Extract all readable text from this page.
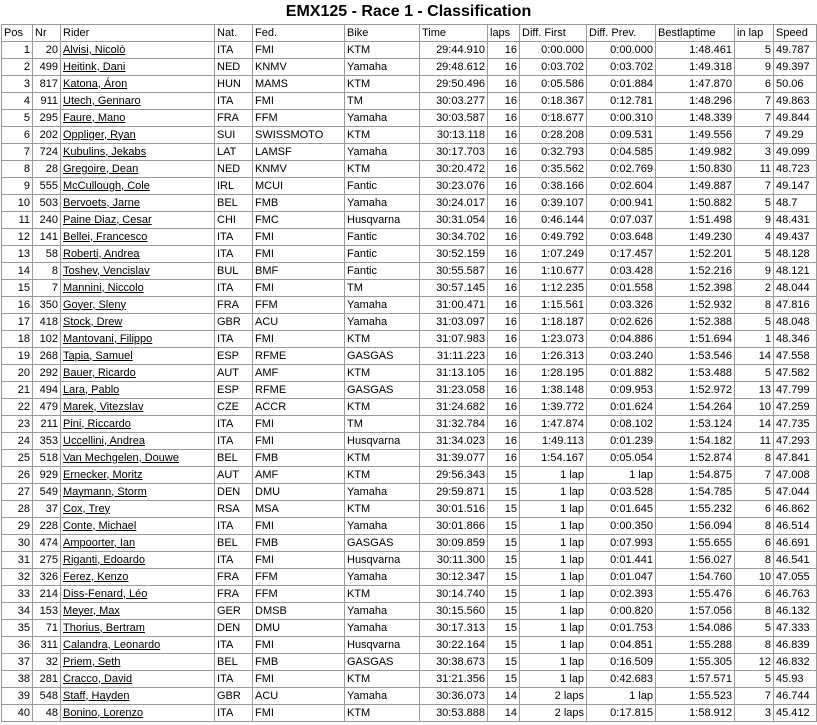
EMX125 - Race 1 - Classification
Pos	Nr	Rider	Nat.	Fed.	Bike	Time	laps	Diff. First	Diff. Prev.	Bestlaptime	in lap	Speed
1	20	Alvisi, Nicolò	ITA	FMI	KTM	29:44.910	16	0:00.000	0:00.000	1:48.461	5	49.787
2	499	Heitink, Dani	NED	KNMV	Yamaha	29:48.612	16	0:03.702	0:03.702	1:49.318	9	49.397
3	817	Katona, Áron	HUN	MAMS	KTM	29:50.496	16	0:05.586	0:01.884	1:47.870	6	50.06
4	911	Utech, Gennaro	ITA	FMI	TM	30:03.277	16	0:18.367	0:12.781	1:48.296	7	49.863
5	295	Faure, Mano	FRA	FFM	Yamaha	30:03.587	16	0:18.677	0:00.310	1:48.339	7	49.844
6	202	Oppliger, Ryan	SUI	SWISSMOTO	KTM	30:13.118	16	0:28.208	0:09.531	1:49.556	7	49.29
7	724	Kubulins, Jekabs	LAT	LAMSF	Yamaha	30:17.703	16	0:32.793	0:04.585	1:49.982	3	49.099
8	28	Gregoire, Dean	NED	KNMV	KTM	30:20.472	16	0:35.562	0:02.769	1:50.830	11	48.723
9	555	McCullough, Cole	IRL	MCUI	Fantic	30:23.076	16	0:38.166	0:02.604	1:49.887	7	49.147
10	503	Bervoets, Jarne	BEL	FMB	Yamaha	30:24.017	16	0:39.107	0:00.941	1:50.882	5	48.7
11	240	Paine Diaz, Cesar	CHI	FMC	Husqvarna	30:31.054	16	0:46.144	0:07.037	1:51.498	9	48.431
12	141	Bellei, Francesco	ITA	FMI	Fantic	30:34.702	16	0:49.792	0:03.648	1:49.230	4	49.437
13	58	Roberti, Andrea	ITA	FMI	Fantic	30:52.159	16	1:07.249	0:17.457	1:52.201	5	48.128
14	8	Toshev, Vencislav	BUL	BMF	Fantic	30:55.587	16	1:10.677	0:03.428	1:52.216	9	48.121
15	7	Mannini, Niccolo	ITA	FMI	TM	30:57.145	16	1:12.235	0:01.558	1:52.398	2	48.044
16	350	Goyer, Sleny	FRA	FFM	Yamaha	31:00.471	16	1:15.561	0:03.326	1:52.932	8	47.816
17	418	Stock, Drew	GBR	ACU	Yamaha	31:03.097	16	1:18.187	0:02.626	1:52.388	5	48.048
18	102	Mantovani, Filippo	ITA	FMI	KTM	31:07.983	16	1:23.073	0:04.886	1:51.694	1	48.346
19	268	Tapia, Samuel	ESP	RFME	GASGAS	31:11.223	16	1:26.313	0:03.240	1:53.546	14	47.558
20	292	Bauer, Ricardo	AUT	AMF	KTM	31:13.105	16	1:28.195	0:01.882	1:53.488	5	47.582
21	494	Lara, Pablo	ESP	RFME	GASGAS	31:23.058	16	1:38.148	0:09.953	1:52.972	13	47.799
22	479	Marek, Vitezslav	CZE	ACCR	KTM	31:24.682	16	1:39.772	0:01.624	1:54.264	10	47.259
23	211	Pini, Riccardo	ITA	FMI	TM	31:32.784	16	1:47.874	0:08.102	1:53.124	14	47.735
24	353	Uccellini, Andrea	ITA	FMI	Husqvarna	31:34.023	16	1:49.113	0:01.239	1:54.182	11	47.293
25	518	Van Mechgelen, Douwe	BEL	FMB	KTM	31:39.077	16	1:54.167	0:05.054	1:52.874	8	47.841
26	929	Ernecker, Moritz	AUT	AMF	KTM	29:56.343	15	1 lap	1 lap	1:54.875	7	47.008
27	549	Maymann, Storm	DEN	DMU	Yamaha	29:59.871	15	1 lap	0:03.528	1:54.785	5	47.044
28	37	Cox, Trey	RSA	MSA	KTM	30:01.516	15	1 lap	0:01.645	1:55.232	6	46.862
29	228	Conte, Michael	ITA	FMI	Yamaha	30:01.866	15	1 lap	0:00.350	1:56.094	8	46.514
30	474	Ampoorter, Ian	BEL	FMB	GASGAS	30:09.859	15	1 lap	0:07.993	1:55.655	6	46.691
31	275	Riganti, Edoardo	ITA	FMI	Husqvarna	30:11.300	15	1 lap	0:01.441	1:56.027	8	46.541
32	326	Ferez, Kenzo	FRA	FFM	Yamaha	30:12.347	15	1 lap	0:01.047	1:54.760	10	47.055
33	214	Diss-Fenard, Léo	FRA	FFM	KTM	30:14.740	15	1 lap	0:02.393	1:55.476	6	46.763
34	153	Meyer, Max	GER	DMSB	Yamaha	30:15.560	15	1 lap	0:00.820	1:57.056	8	46.132
35	71	Thorius, Bertram	DEN	DMU	Yamaha	30:17.313	15	1 lap	0:01.753	1:54.086	5	47.333
36	311	Calandra, Leonardo	ITA	FMI	Husqvarna	30:22.164	15	1 lap	0:04.851	1:55.288	8	46.839
37	32	Priem, Seth	BEL	FMB	GASGAS	30:38.673	15	1 lap	0:16.509	1:55.305	12	46.832
38	281	Cracco, David	ITA	FMI	KTM	31:21.356	15	1 lap	0:42.683	1:57.571	5	45.93
39	548	Staff, Hayden	GBR	ACU	Yamaha	30:36.073	14	2 laps	1 lap	1:55.523	7	46.744
40	48	Bonino, Lorenzo	ITA	FMI	KTM	30:53.888	14	2 laps	0:17.815	1:58.912	3	45.412
